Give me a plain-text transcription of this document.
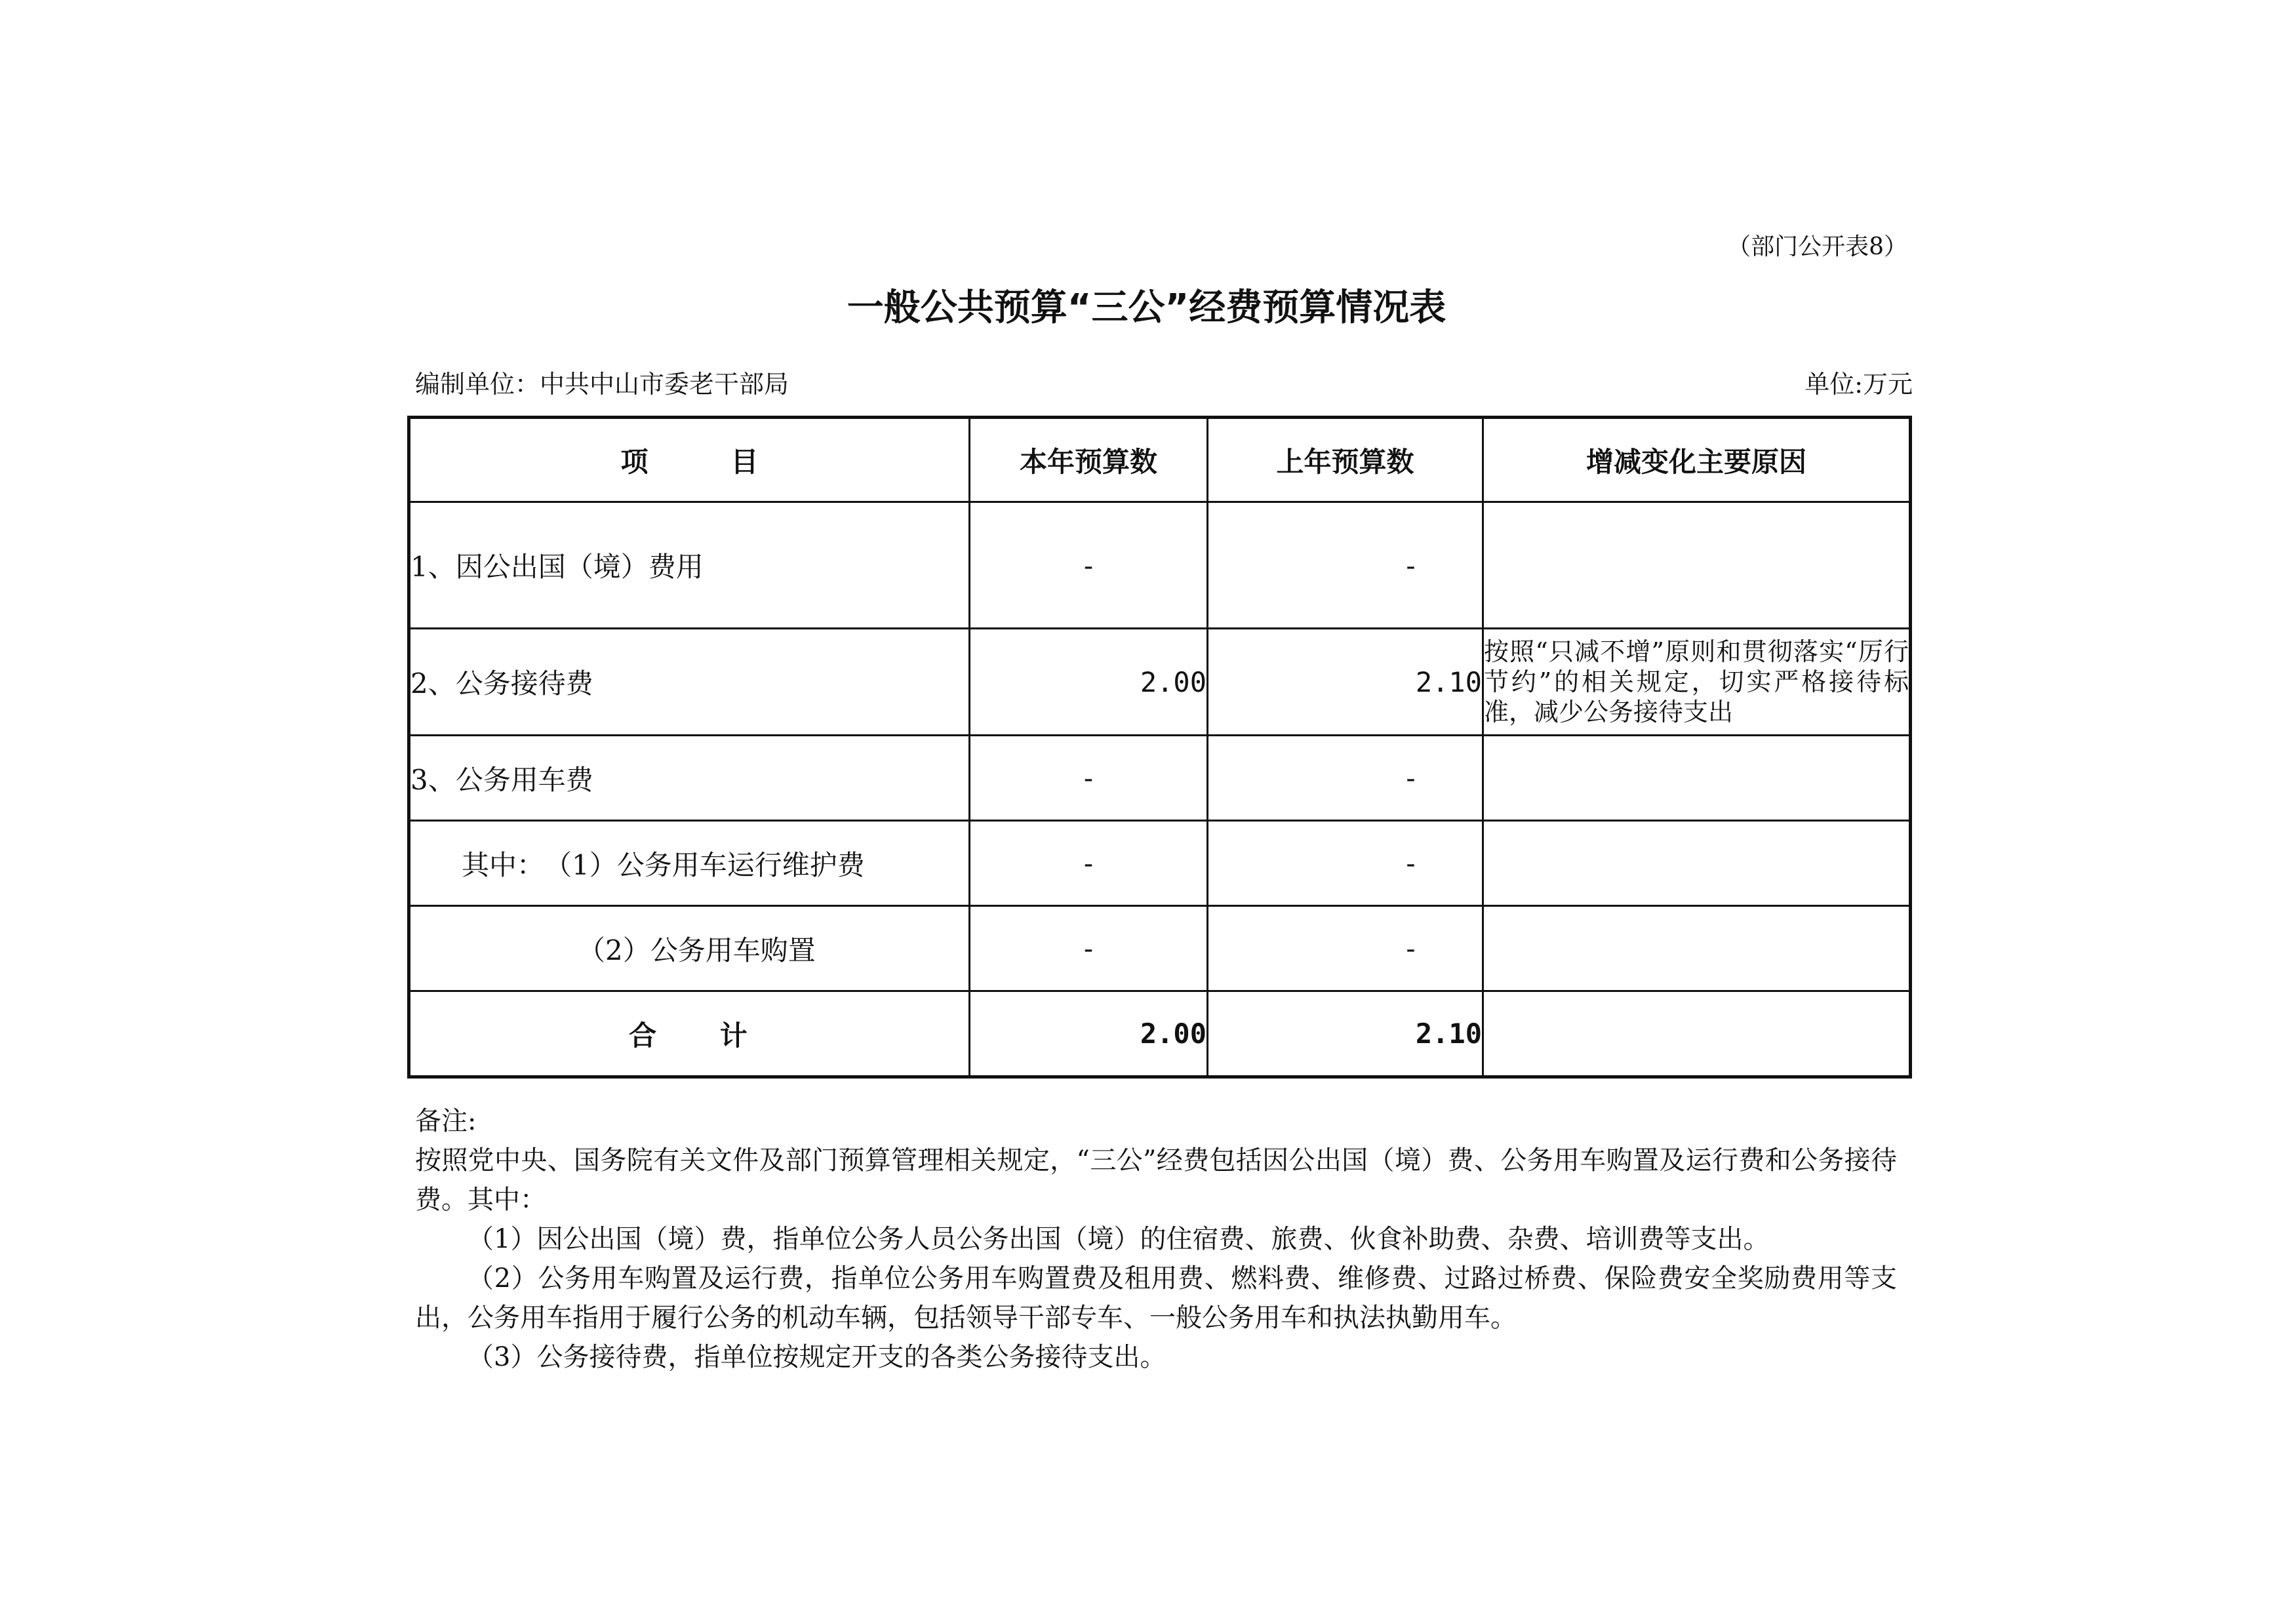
（部门公开表8）
一般公共预算“三公”经费预算情况表
编制单位：中共中山市委老干部局	单位:万元
项　　　目	本年预算数	上年预算数	增减变化主要原因
1、因公出国（境）费用	-	-	
2、公务接待费	2.00	2.10	按照“只减不增”原则和贯彻落实“厉行节约”的相关规定，切实严格接待标准，减少公务接待支出
3、公务用车费	-	-	
其中：　（1）公务用车运行维护费	-	-	
（2）公务用车购置	-	-	
合　　计	2.00	2.10	

备注:

按照党中央、国务院有关文件及部门预算管理相关规定，“三公”经费包括因公出国（境）费、公务用车购置及运行费和公务接待费。其中：

（1）因公出国（境）费，指单位公务人员公务出国（境）的住宿费、旅费、伙食补助费、杂费、培训费等支出。

（2）公务用车购置及运行费，指单位公务用车购置费及租用费、燃料费、维修费、过路过桥费、保险费安全奖励费用等支出，公务用车指用于履行公务的机动车辆，包括领导干部专车、一般公务用车和执法执勤用车。

（3）公务接待费，指单位按规定开支的各类公务接待支出。
